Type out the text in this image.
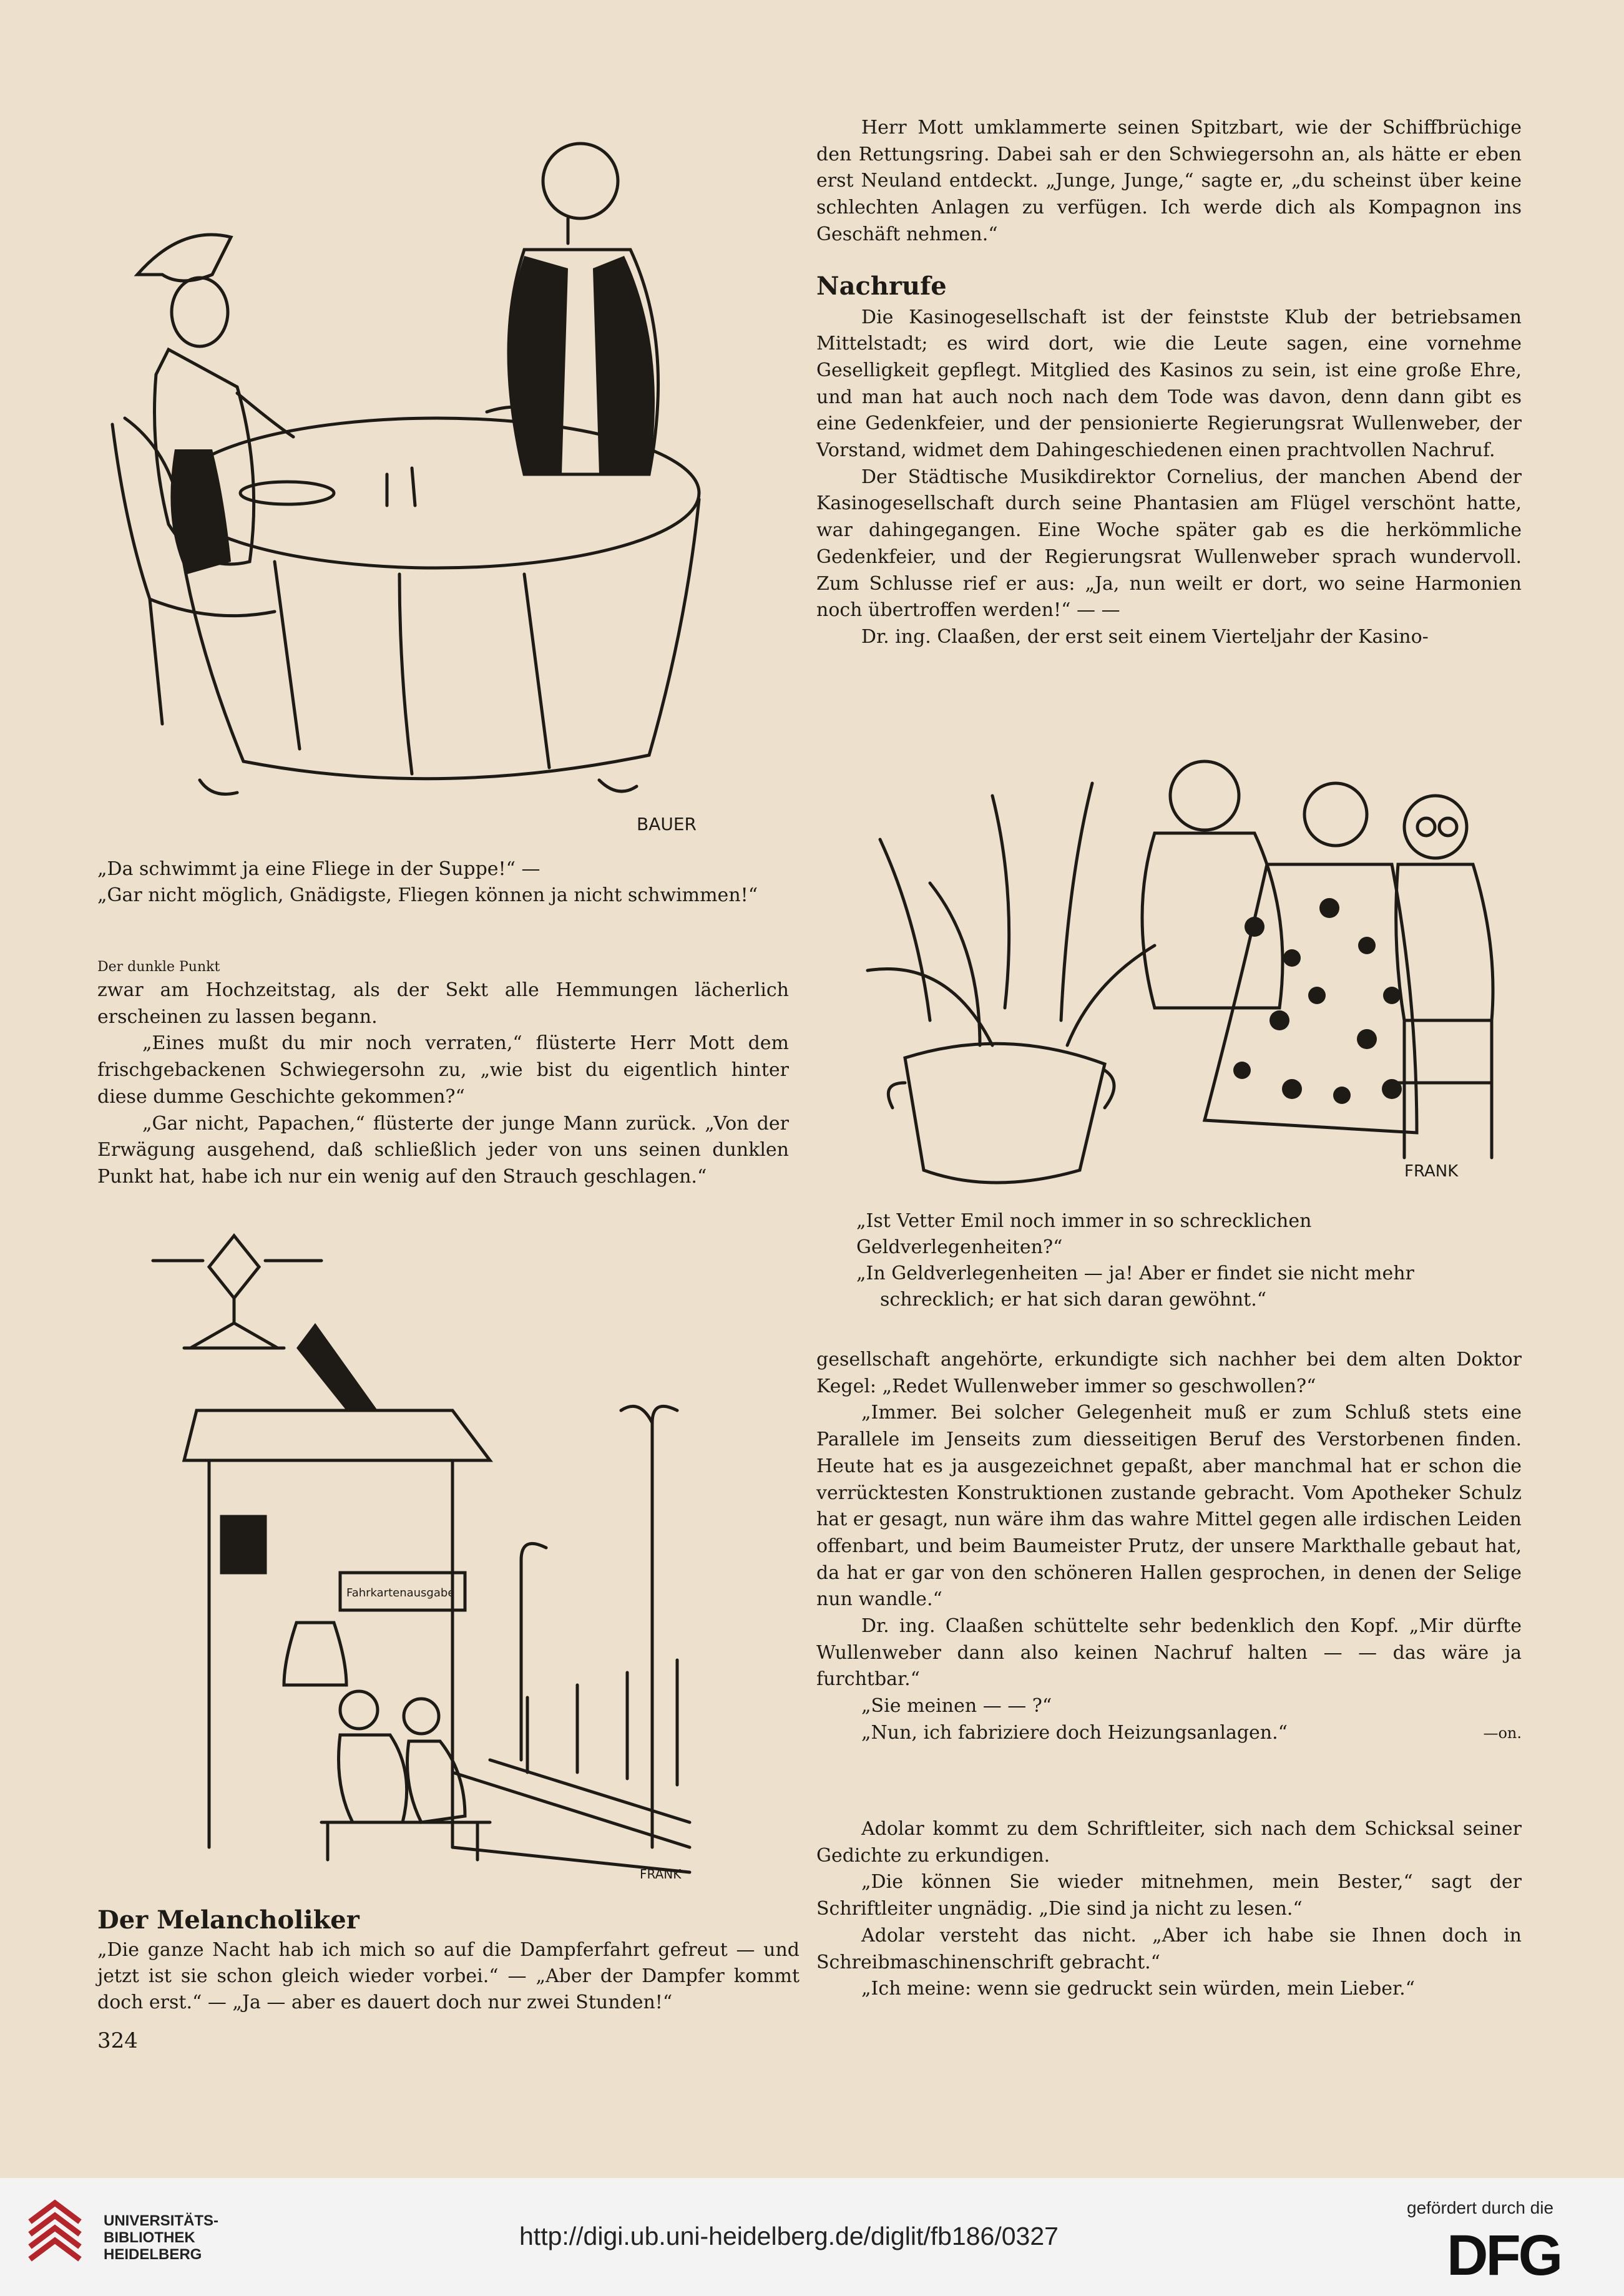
BAUER
„Da schwimmt ja eine Fliege in der Suppe!“ —
„Gar nicht möglich, Gnädigste, Fliegen können ja nicht schwimmen!“
Der dunkle Punkt

zwar am Hochzeitstag, als der Sekt alle Hemmungen lächerlich erscheinen zu lassen begann.

„Eines mußt du mir noch verraten,“ flüsterte Herr Mott dem frischgebackenen Schwiegersohn zu, „wie bist du eigentlich hinter diese dumme Geschichte gekommen?“

„Gar nicht, Papachen,“ flüsterte der junge Mann zurück. „Von der Erwägung ausgehend, daß schließlich jeder von uns seinen dunklen Punkt hat, habe ich nur ein wenig auf den Strauch geschlagen.“

Fahrkartenausgabe
FRANK
Der Melancholiker
„Die ganze Nacht hab ich mich so auf die Dampferfahrt gefreut — und jetzt ist sie schon gleich wieder vorbei.“ — „Aber der Dampfer kommt doch erst.“ — „Ja — aber es dauert doch nur zwei Stunden!“
324

Herr Mott umklammerte seinen Spitzbart, wie der Schiffbrüchige den Rettungsring. Dabei sah er den Schwiegersohn an, als hätte er eben erst Neuland entdeckt. „Junge, Junge,“ sagte er, „du scheinst über keine schlechten Anlagen zu verfügen. Ich werde dich als Kompagnon ins Geschäft nehmen.“

Nachrufe

Die Kasinogesellschaft ist der feinstste Klub der betriebsamen Mittelstadt; es wird dort, wie die Leute sagen, eine vornehme Geselligkeit gepflegt. Mitglied des Kasinos zu sein, ist eine große Ehre, und man hat auch noch nach dem Tode was davon, denn dann gibt es eine Gedenkfeier, und der pensionierte Regierungsrat Wullenweber, der Vorstand, widmet dem Dahingeschiedenen einen prachtvollen Nachruf.

Der Städtische Musikdirektor Cornelius, der manchen Abend der Kasinogesellschaft durch seine Phantasien am Flügel verschönt hatte, war dahingegangen. Eine Woche später gab es die herkömmliche Gedenkfeier, und der Regierungsrat Wullenweber sprach wundervoll. Zum Schlusse rief er aus: „Ja, nun weilt er dort, wo seine Harmonien noch übertroffen werden!“ — —

Dr. ing. Claaßen, der erst seit einem Vierteljahr der Kasino-

FRANK
„Ist Vetter Emil noch immer in so schrecklichen Geldverlegenheiten?“
„In Geldverlegenheiten — ja! Aber er findet sie nicht mehr schrecklich; er hat sich daran gewöhnt.“

gesellschaft angehörte, erkundigte sich nachher bei dem alten Doktor Kegel: „Redet Wullenweber immer so geschwollen?“

„Immer. Bei solcher Gelegenheit muß er zum Schluß stets eine Parallele im Jenseits zum diesseitigen Beruf des Verstorbenen finden. Heute hat es ja ausgezeichnet gepaßt, aber manchmal hat er schon die verrücktesten Konstruktionen zustande gebracht. Vom Apotheker Schulz hat er gesagt, nun wäre ihm das wahre Mittel gegen alle irdischen Leiden offenbart, und beim Baumeister Prutz, der unsere Markthalle gebaut hat, da hat er gar von den schöneren Hallen gesprochen, in denen der Selige nun wandle.“

Dr. ing. Claaßen schüttelte sehr bedenklich den Kopf. „Mir dürfte Wullenweber dann also keinen Nachruf halten — — das wäre ja furchtbar.“

„Sie meinen — — ?“

„Nun, ich fabriziere doch Heizungsanlagen.“	—on.

Adolar kommt zu dem Schriftleiter, sich nach dem Schicksal seiner Gedichte zu erkundigen.

„Die können Sie wieder mitnehmen, mein Bester,“ sagt der Schriftleiter ungnädig. „Die sind ja nicht zu lesen.“

Adolar versteht das nicht. „Aber ich habe sie Ihnen doch in Schreibmaschinenschrift gebracht.“

„Ich meine: wenn sie gedruckt sein würden, mein Lieber.“

UNIVERSITÄTS-
BIBLIOTHEK
HEIDELBERG
http://digi.ub.uni-heidelberg.de/diglit/fb186/0327
gefördert durch die
DFG
